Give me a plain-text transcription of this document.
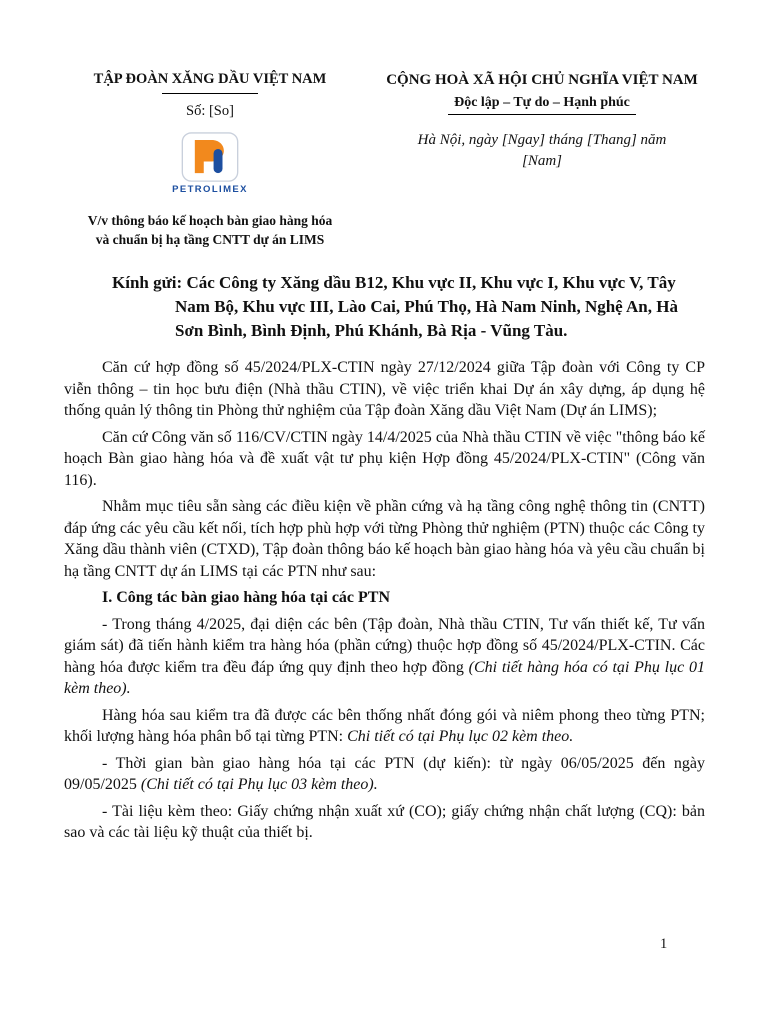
TẬP ĐOÀN XĂNG DẦU VIỆT NAM
Số: [So]
PETROLIMEX
V/v thông báo kế hoạch bàn giao hàng hóa
và chuẩn bị hạ tầng CNTT dự án LIMS
CỘNG HOÀ XÃ HỘI CHỦ NGHĨA VIỆT NAM
Độc lập – Tự do – Hạnh phúc
Hà Nội, ngày [Ngay] tháng [Thang] năm [Nam]
Kính gửi: Các Công ty Xăng dầu B12, Khu vực II, Khu vực I, Khu vực V, Tây Nam Bộ, Khu vực III, Lào Cai, Phú Thọ, Hà Nam Ninh, Nghệ An, Hà Sơn Bình, Bình Định, Phú Khánh, Bà Rịa - Vũng Tàu.

Căn cứ hợp đồng số 45/2024/PLX-CTIN ngày 27/12/2024 giữa Tập đoàn với Công ty CP viễn thông – tin học bưu điện (Nhà thầu CTIN), về việc triển khai Dự án xây dựng, áp dụng hệ thống quản lý thông tin Phòng thử nghiệm của Tập đoàn Xăng dầu Việt Nam (Dự án LIMS);

Căn cứ Công văn số 116/CV/CTIN ngày 14/4/2025 của Nhà thầu CTIN về việc "thông báo kế hoạch Bàn giao hàng hóa và đề xuất vật tư phụ kiện Hợp đồng 45/2024/PLX-CTIN" (Công văn 116).

Nhằm mục tiêu sẵn sàng các điều kiện về phần cứng và hạ tầng công nghệ thông tin (CNTT) đáp ứng các yêu cầu kết nối, tích hợp phù hợp với từng Phòng thử nghiệm (PTN) thuộc các Công ty Xăng dầu thành viên (CTXD), Tập đoàn thông báo kế hoạch bàn giao hàng hóa và yêu cầu chuẩn bị hạ tầng CNTT dự án LIMS tại các PTN như sau:

I. Công tác bàn giao hàng hóa tại các PTN

- Trong tháng 4/2025, đại diện các bên (Tập đoàn, Nhà thầu CTIN, Tư vấn thiết kế, Tư vấn giám sát) đã tiến hành kiểm tra hàng hóa (phần cứng) thuộc hợp đồng số 45/2024/PLX-CTIN. Các hàng hóa được kiểm tra đều đáp ứng quy định theo hợp đồng (Chi tiết hàng hóa có tại Phụ lục 01 kèm theo).

Hàng hóa sau kiểm tra đã được các bên thống nhất đóng gói và niêm phong theo từng PTN; khối lượng hàng hóa phân bổ tại từng PTN: Chi tiết có tại Phụ lục 02 kèm theo.

- Thời gian bàn giao hàng hóa tại các PTN (dự kiến): từ ngày 06/05/2025 đến ngày 09/05/2025 (Chi tiết có tại Phụ lục 03 kèm theo).

- Tài liệu kèm theo: Giấy chứng nhận xuất xứ (CO); giấy chứng nhận chất lượng (CQ): bản sao và các tài liệu kỹ thuật của thiết bị.

1
